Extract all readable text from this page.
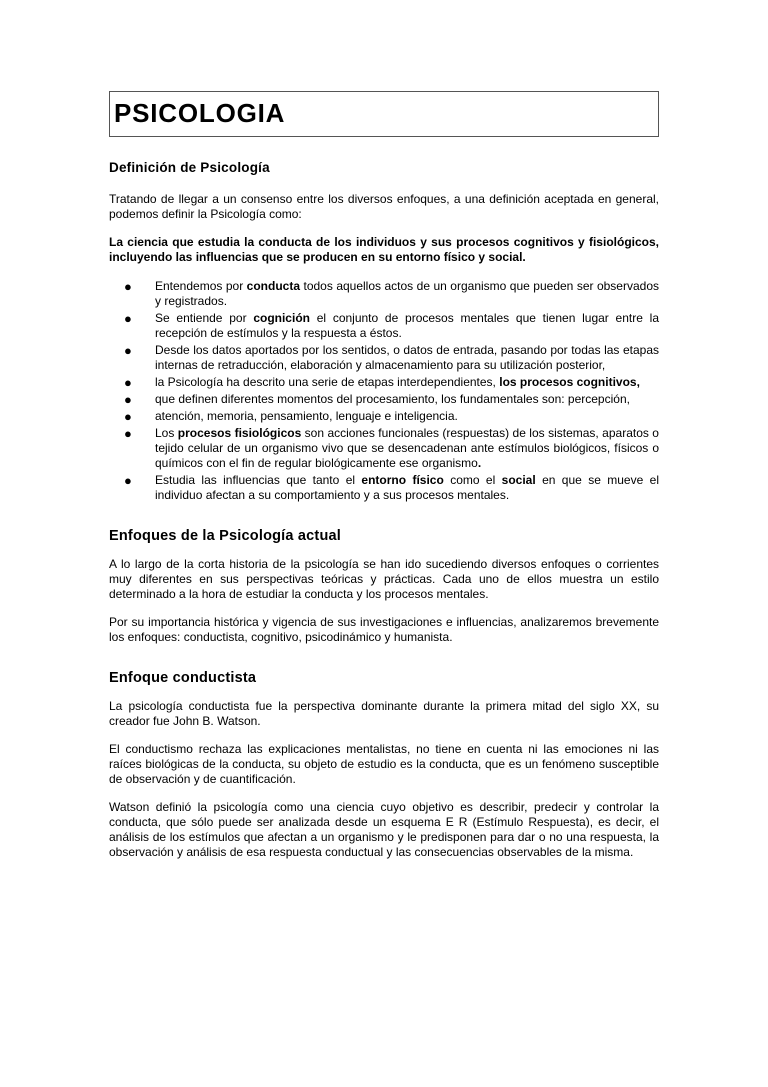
PSICOLOGIA
Definición de Psicología

Tratando de llegar a un consenso entre los diversos enfoques, a una definición aceptada en general, podemos definir la Psicología como:

La ciencia que estudia la conducta de los individuos y sus procesos cognitivos y fisiológicos, incluyendo las influencias que se producen en su entorno físico y social.

● Entendemos por conducta todos aquellos actos de un organismo que pueden ser observados y registrados.
● Se entiende por cognición el conjunto de procesos mentales que tienen lugar entre la recepción de estímulos y la respuesta a éstos.
● Desde los datos aportados por los sentidos, o datos de entrada, pasando por todas las etapas internas de retraducción, elaboración y almacenamiento para su utilización posterior,
● la Psicología ha descrito una serie de etapas interdependientes, los procesos cognitivos,
● que definen diferentes momentos del procesamiento, los fundamentales son: percepción,
● atención, memoria, pensamiento, lenguaje e inteligencia.
● Los procesos fisiológicos son acciones funcionales (respuestas) de los sistemas, aparatos o tejido celular de un organismo vivo que se desencadenan ante estímulos biológicos, físicos o químicos con el fin de regular biológicamente ese organismo.
● Estudia las influencias que tanto el entorno físico como el social en que se mueve el individuo afectan a su comportamiento y a sus procesos mentales.
Enfoques de la Psicología actual

A lo largo de la corta historia de la psicología se han ido sucediendo diversos enfoques o corrientes muy diferentes en sus perspectivas teóricas y prácticas. Cada uno de ellos muestra un estilo determinado a la hora de estudiar la conducta y los procesos mentales.

Por su importancia histórica y vigencia de sus investigaciones e influencias, analizaremos brevemente los enfoques: conductista, cognitivo, psicodinámico y humanista.

Enfoque conductista

La psicología conductista fue la perspectiva dominante durante la primera mitad del siglo XX, su creador fue John B. Watson.

El conductismo rechaza las explicaciones mentalistas, no tiene en cuenta ni las emociones ni las raíces biológicas de la conducta, su objeto de estudio es la conducta, que es un fenómeno susceptible de observación y de cuantificación.

Watson definió la psicología como una ciencia cuyo objetivo es describir, predecir y controlar la conducta, que sólo puede ser analizada desde un esquema E R (Estímulo Respuesta), es decir, el análisis de los estímulos que afectan a un organismo y le predisponen para dar o no una respuesta, la observación y análisis de esa respuesta conductual y las consecuencias observables de la misma.
